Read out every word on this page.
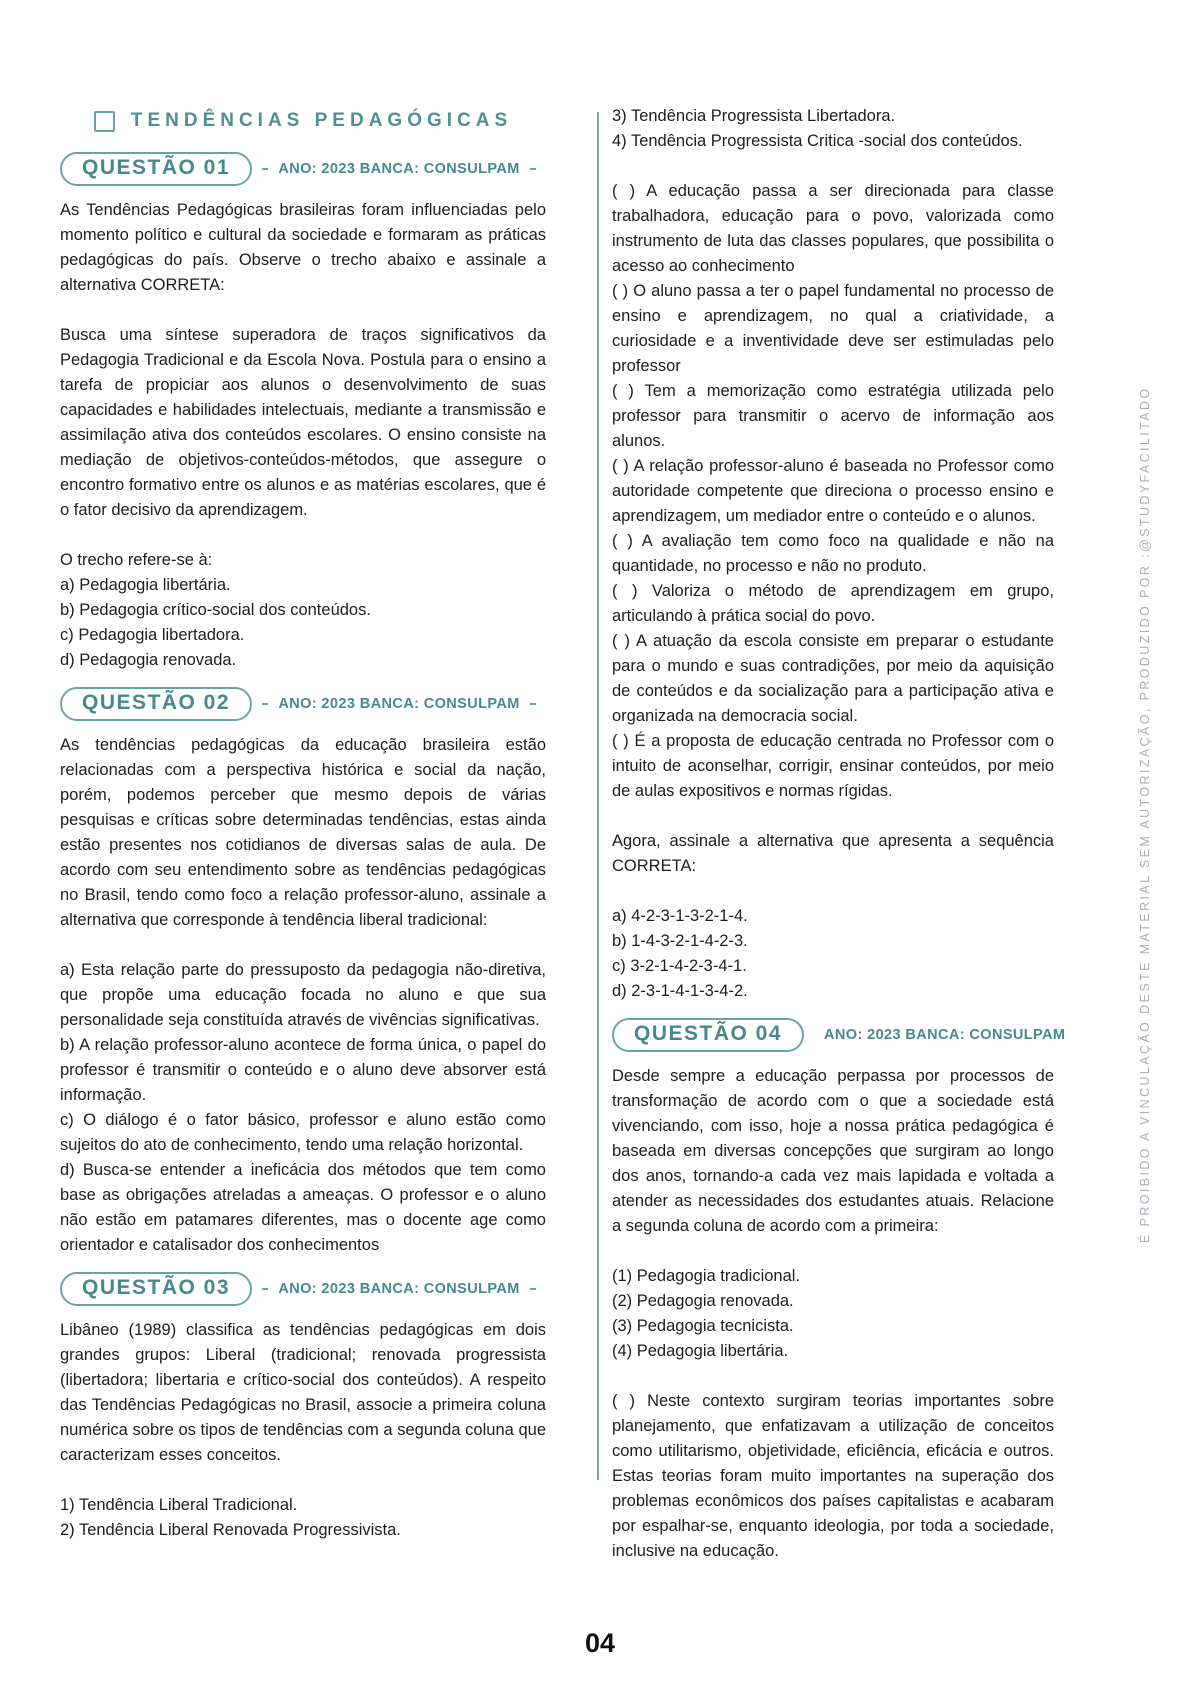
TENDÊNCIAS PEDAGÓGICAS
QUESTÃO 01	ANO: 2023 BANCA: CONSULPAM

As Tendências Pedagógicas brasileiras foram influenciadas pelo momento político e cultural da sociedade e formaram as práticas pedagógicas do país. Observe o trecho abaixo e assinale a alternativa CORRETA:

Busca uma síntese superadora de traços significativos da Pedagogia Tradicional e da Escola Nova. Postula para o ensino a tarefa de propiciar aos alunos o desenvolvimento de suas capacidades e habilidades intelectuais, mediante a transmissão e assimilação ativa dos conteúdos escolares. O ensino consiste na mediação de objetivos-conteúdos-métodos, que assegure o encontro formativo entre os alunos e as matérias escolares, que é o fator decisivo da aprendizagem.

O trecho refere-se à:

a) Pedagogia libertária.

b) Pedagogia crítico-social dos conteúdos.

c) Pedagogia libertadora.

d) Pedagogia renovada.

QUESTÃO 02	ANO: 2023 BANCA: CONSULPAM

As tendências pedagógicas da educação brasileira estão relacionadas com a perspectiva histórica e social da nação, porém, podemos perceber que mesmo depois de várias pesquisas e críticas sobre determinadas tendências, estas ainda estão presentes nos cotidianos de diversas salas de aula. De acordo com seu entendimento sobre as tendências pedagógicas no Brasil, tendo como foco a relação professor-aluno, assinale a alternativa que corresponde à tendência liberal tradicional:

a) Esta relação parte do pressuposto da pedagogia não-diretiva, que propõe uma educação focada no aluno e que sua personalidade seja constituída através de vivências significativas.

b) A relação professor-aluno acontece de forma única, o papel do professor é transmitir o conteúdo e o aluno deve absorver está informação.

c) O diálogo é o fator básico, professor e aluno estão como sujeitos do ato de conhecimento, tendo uma relação horizontal.

d) Busca-se entender a ineficácia dos métodos que tem como base as obrigações atreladas a ameaças. O professor e o aluno não estão em patamares diferentes, mas o docente age como orientador e catalisador dos conhecimentos

QUESTÃO 03	ANO: 2023 BANCA: CONSULPAM

Libâneo (1989) classifica as tendências pedagógicas em dois grandes grupos: Liberal (tradicional; renovada progressista (libertadora; libertaria e crítico-social dos conteúdos). A respeito das Tendências Pedagógicas no Brasil, associe a primeira coluna numérica sobre os tipos de tendências com a segunda coluna que caracterizam esses conceitos.

1) Tendência Liberal Tradicional.

2) Tendência Liberal Renovada Progressivista.

3) Tendência Progressista Libertadora.

4) Tendência Progressista Critica -social dos conteúdos.

( ) A educação passa a ser direcionada para classe trabalhadora, educação para o povo, valorizada como instrumento de luta das classes populares, que possibilita o acesso ao conhecimento

( ) O aluno passa a ter o papel fundamental no processo de ensino e aprendizagem, no qual a criatividade, a curiosidade e a inventividade deve ser estimuladas pelo professor

( ) Tem a memorização como estratégia utilizada pelo professor para transmitir o acervo de informação aos alunos.

( ) A relação professor-aluno é baseada no Professor como autoridade competente que direciona o processo ensino e aprendizagem, um mediador entre o conteúdo e o alunos.

( ) A avaliação tem como foco na qualidade e não na quantidade, no processo e não no produto.

( ) Valoriza o método de aprendizagem em grupo, articulando à prática social do povo.

( ) A atuação da escola consiste em preparar o estudante para o mundo e suas contradições, por meio da aquisição de conteúdos e da socialização para a participação ativa e organizada na democracia social.

( ) É a proposta de educação centrada no Professor com o intuito de aconselhar, corrigir, ensinar conteúdos, por meio de aulas expositivos e normas rígidas.

Agora, assinale a alternativa que apresenta a sequência CORRETA:

a) 4-2-3-1-3-2-1-4.

b) 1-4-3-2-1-4-2-3.

c) 3-2-1-4-2-3-4-1.

d) 2-3-1-4-1-3-4-2.

QUESTÃO 04	ANO: 2023 BANCA: CONSULPAM

Desde sempre a educação perpassa por processos de transformação de acordo com o que a sociedade está vivenciando, com isso, hoje a nossa prática pedagógica é baseada em diversas concepções que surgiram ao longo dos anos, tornando-a cada vez mais lapidada e voltada a atender as necessidades dos estudantes atuais. Relacione a segunda coluna de acordo com a primeira:

(1) Pedagogia tradicional.

(2) Pedagogia renovada.

(3) Pedagogia tecnicista.

(4) Pedagogia libertária.

( ) Neste contexto surgiram teorias importantes sobre planejamento, que enfatizavam a utilização de conceitos como utilitarismo, objetividade, eficiência, eficácia e outros. Estas teorias foram muito importantes na superação dos problemas econômicos dos países capitalistas e acabaram por espalhar-se, enquanto ideologia, por toda a sociedade, inclusive na educação.

É PROIBIDO A VINCULAÇÃO DESTE MATERIAL SEM AUTORIZAÇÃO, PRODUZIDO POR :@STUDYFACILITADO
04
